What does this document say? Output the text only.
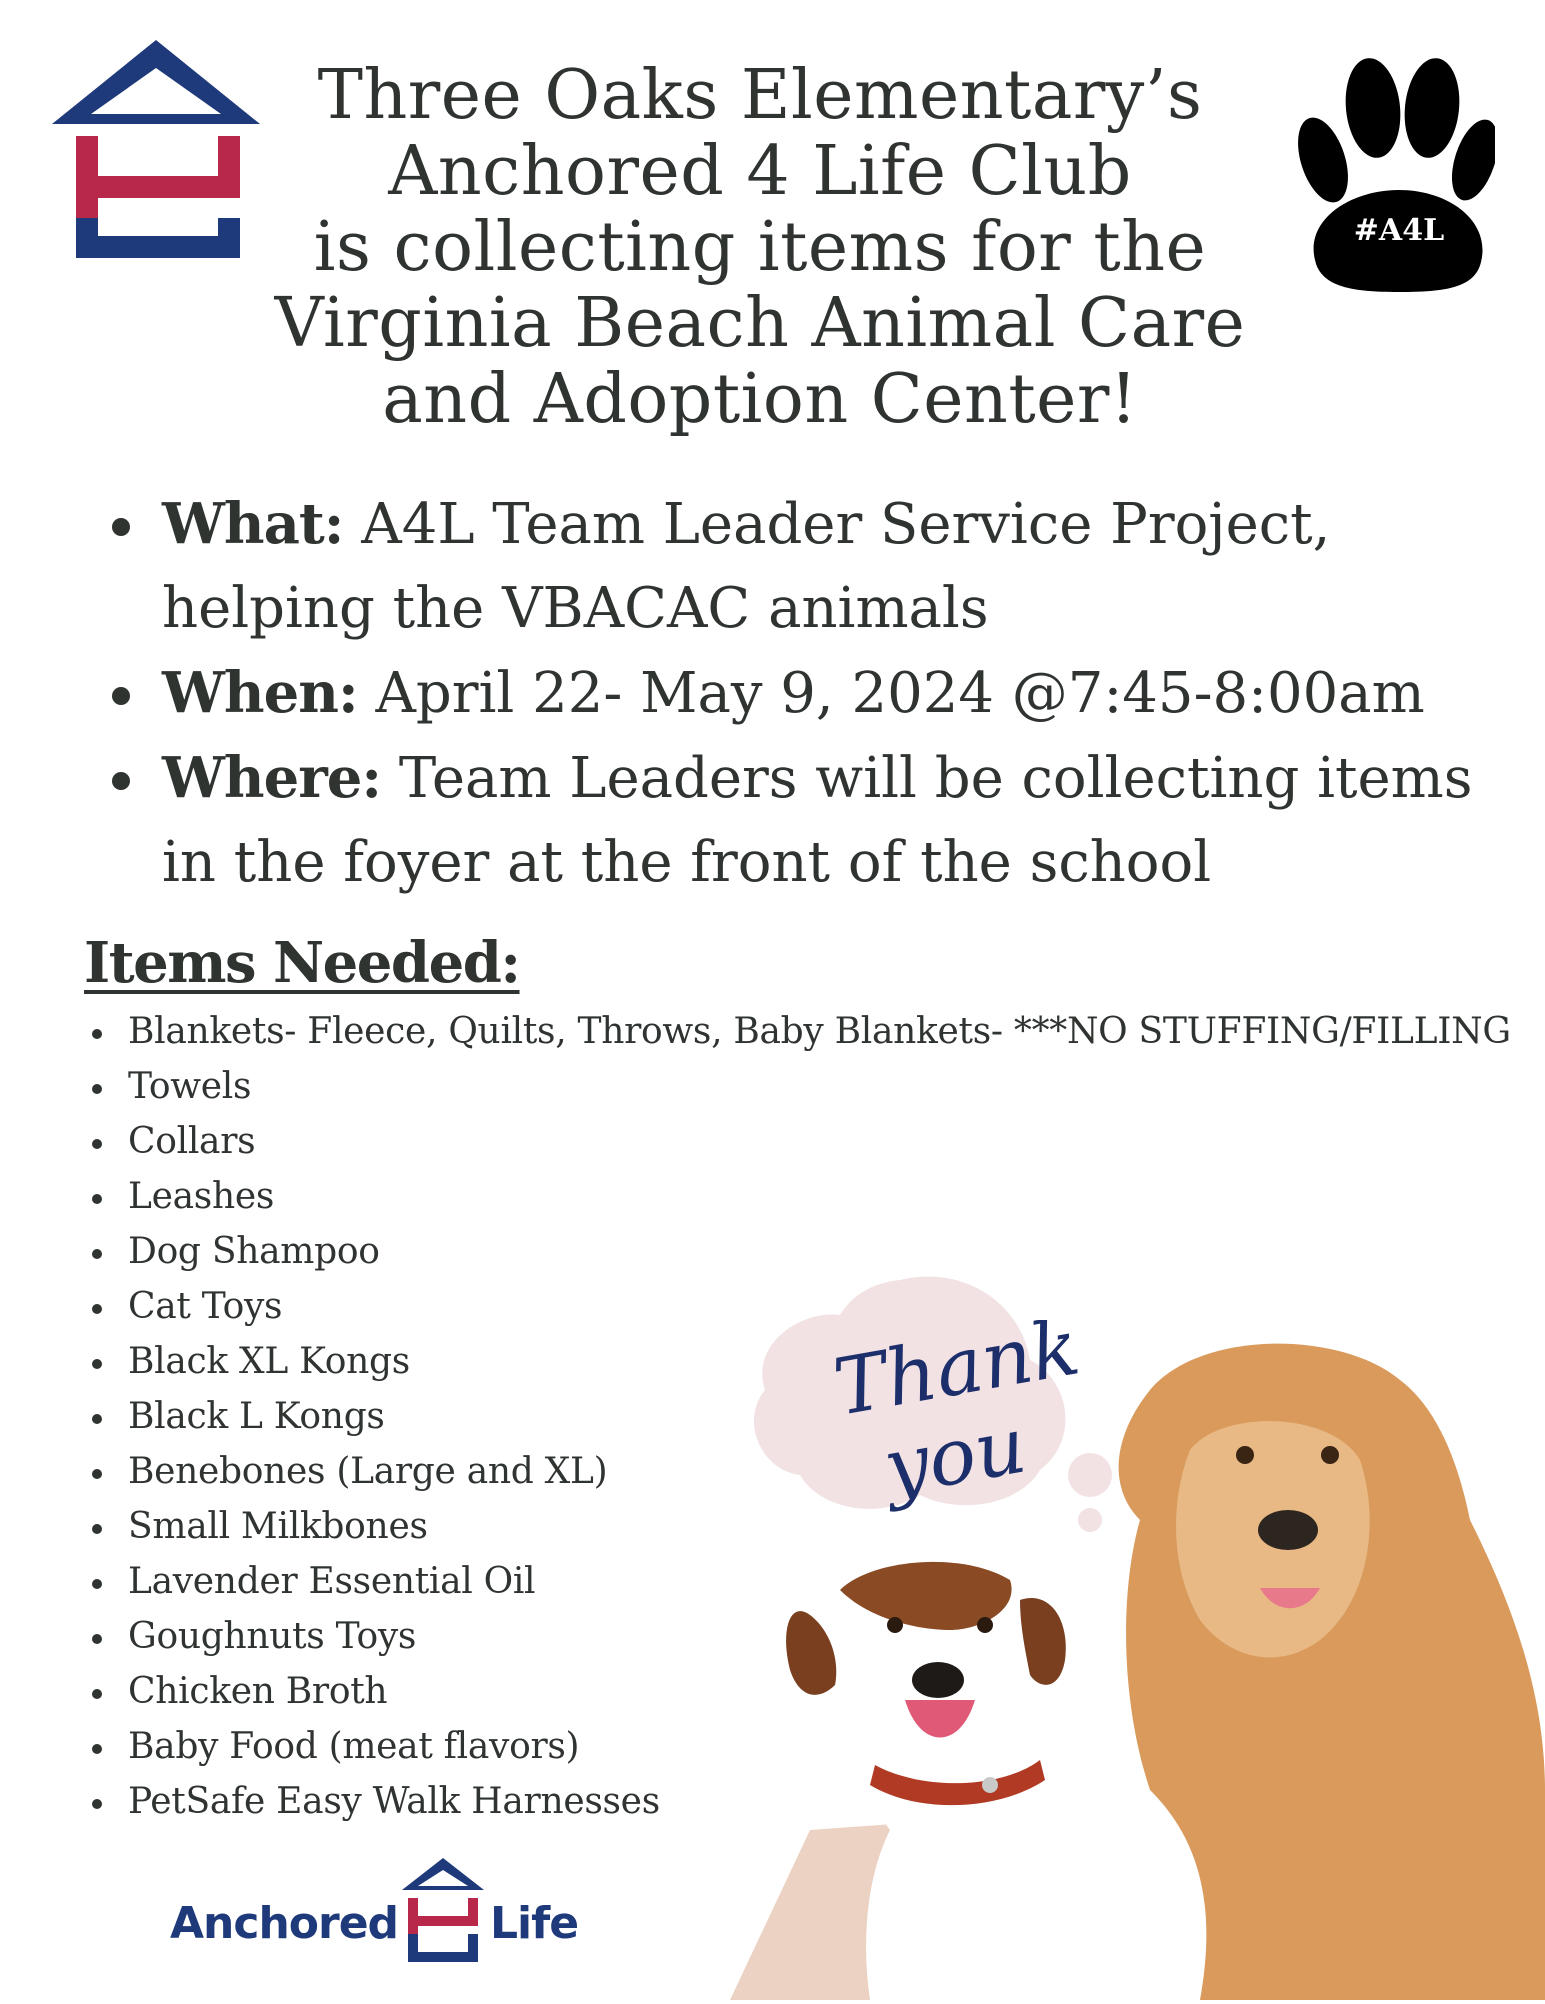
#A4L
Three Oaks Elementary’s
Anchored 4 Life Club
is collecting items for the
Virginia Beach Animal Care
and Adoption Center!
What: A4L Team Leader Service Project, helping the VBACAC animals
When: April 22- May 9, 2024 @7:45-8:00am
Where: Team Leaders will be collecting items in the foyer at the front of the school
Items Needed:
Blankets- Fleece, Quilts, Throws, Baby Blankets- ***NO STUFFING/FILLING
Towels
Collars
Leashes
Dog Shampoo
Cat Toys
Black XL Kongs
Black L Kongs
Benebones (Large and XL)
Small Milkbones
Lavender Essential Oil
Goughnuts Toys
Chicken Broth
Baby Food (meat flavors)
PetSafe Easy Walk Harnesses
Thank
you
Anchored Life
